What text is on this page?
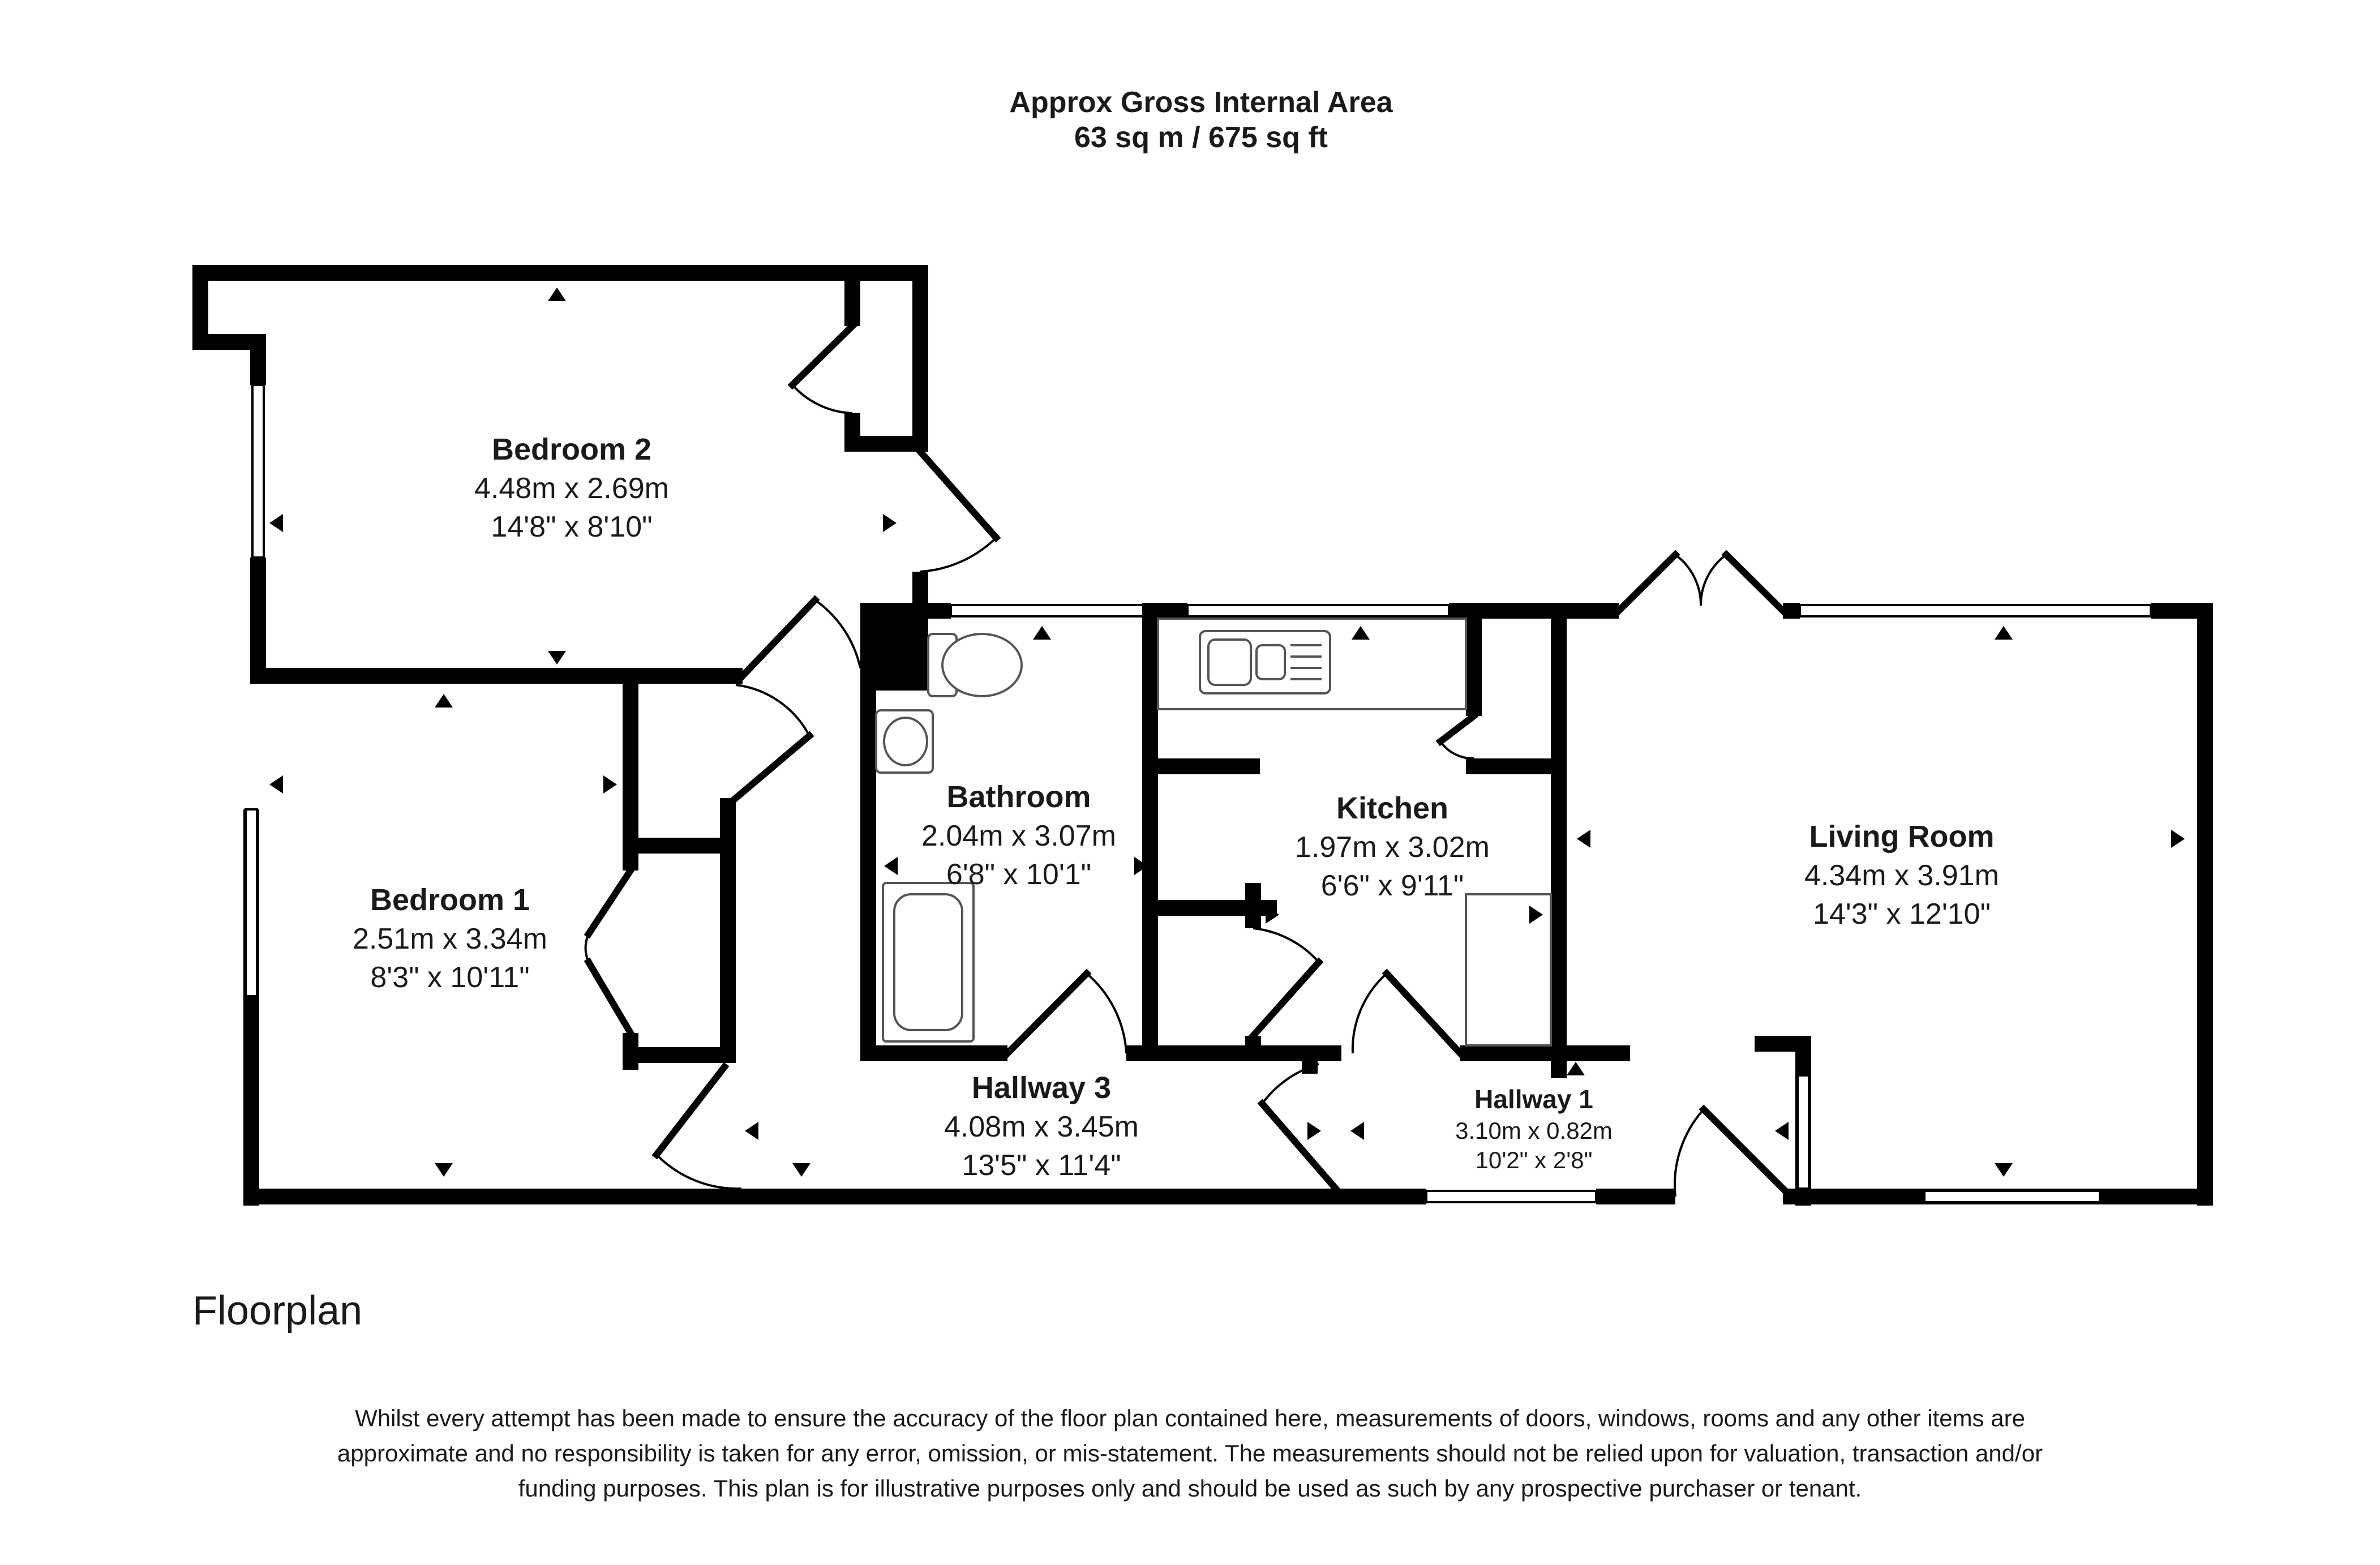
Approx Gross Internal Area
63 sq m / 675 sq ft
Bedroom 2
4.48m x 2.69m
14'8" x 8'10"
Bedroom 1
2.51m x 3.34m
8'3" x 10'11"
Bathroom
2.04m x 3.07m
6'8" x 10'1"
Kitchen
1.97m x 3.02m
6'6" x 9'11"
Living Room
4.34m x 3.91m
14'3" x 12'10"
Hallway 3
4.08m x 3.45m
13'5" x 11'4"
Hallway 1
3.10m x 0.82m
10'2" x 2'8"
Floorplan
Whilst every attempt has been made to ensure the accuracy of the floor plan contained here, measurements of doors, windows, rooms and any other items are approximate and no responsibility is taken for any error, omission, or mis-statement. The measurements should not be relied upon for valuation, transaction and/or funding purposes. This plan is for illustrative purposes only and should be used as such by any prospective purchaser or tenant.
